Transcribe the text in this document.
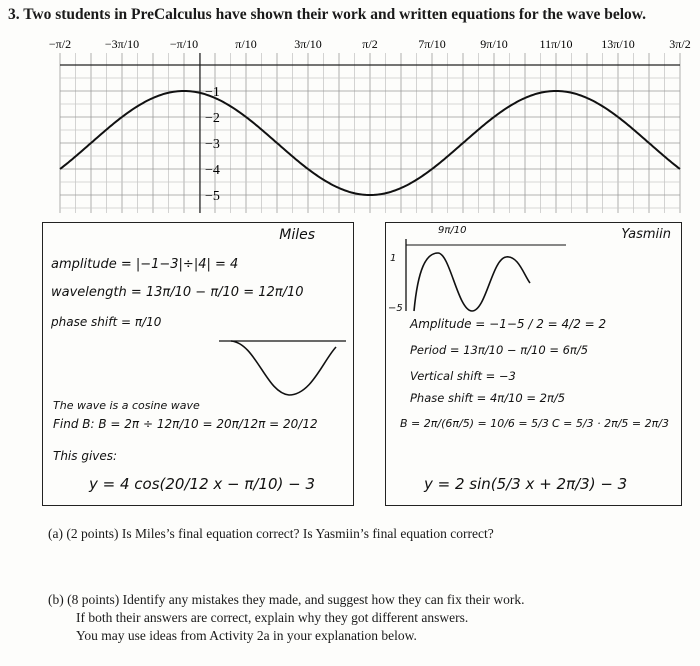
3. Two students in PreCalculus have shown their work and written equations for the wave below.
−π/2	−3π/10	−π/10	π/10	3π/10	π/2	7π/10	9π/10	11π/10 13π/10	3π/2
−1
−2
−3
−4
−5
Miles
amplitude = |−1−3|÷|4| = 4
wavelength = 13π/10 − π/10 = 12π/10
phase shift = π/10
The wave is a cosine wave
Find B: B = 2π ÷ 12π/10 = 20π/12π = 20/12
This gives:
y = 4 cos(20/12 x − π/10) − 3
Yasmiin
9π/10
1
−5
Amplitude = −1−5 / 2 = 4/2 = 2
Period = 13π/10 − π/10 = 6π/5
Vertical shift = −3
Phase shift = 4π/10 = 2π/5
B = 2π/(6π/5) = 10/6 = 5/3 C = 5/3 · 2π/5 = 2π/3
y = 2 sin(5/3 x + 2π/3) − 3
(a) (2 points) Is Miles’s final equation correct? Is Yasmiin’s final equation correct?
(b) (8 points) Identify any mistakes they made, and suggest how they can fix their work.
If both their answers are correct, explain why they got different answers.
You may use ideas from Activity 2a in your explanation below.
